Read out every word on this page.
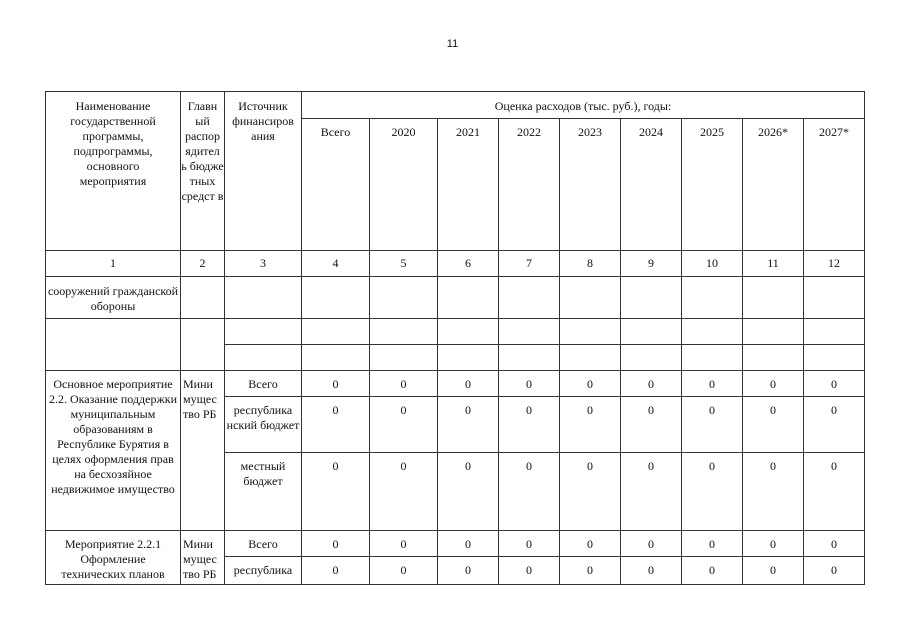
11
Наименование государственной программы, подпрограммы, основного мероприятия	Главн ый распор ядител ь бюдже тных средст в	Источник финансиров ания	Оценка расходов (тыс. руб.), годы:								
			Всего	2020	2021	2022	2023	2024	2025	2026*	2027*
1	2	3	4	5	6	7	8	9	10	11	12
сооружений гражданской обороны											

Основное мероприятие 2.2. Оказание поддержки муниципальным образованиям в Республике Бурятия в целях оформления прав на бесхозяйное недвижимое имущество	Мини мущес тво РБ	Всего	0	0	0	0	0	0	0	0	0
		республика нский бюджет	0	0	0	0	0	0	0	0	0
		местный бюджет	0	0	0	0	0	0	0	0	0
Мероприятие 2.2.1 Оформление технических планов	Мини мущес тво РБ	Всего	0	0	0	0	0	0	0	0	0
		республика	0	0	0	0	0	0	0	0	0
